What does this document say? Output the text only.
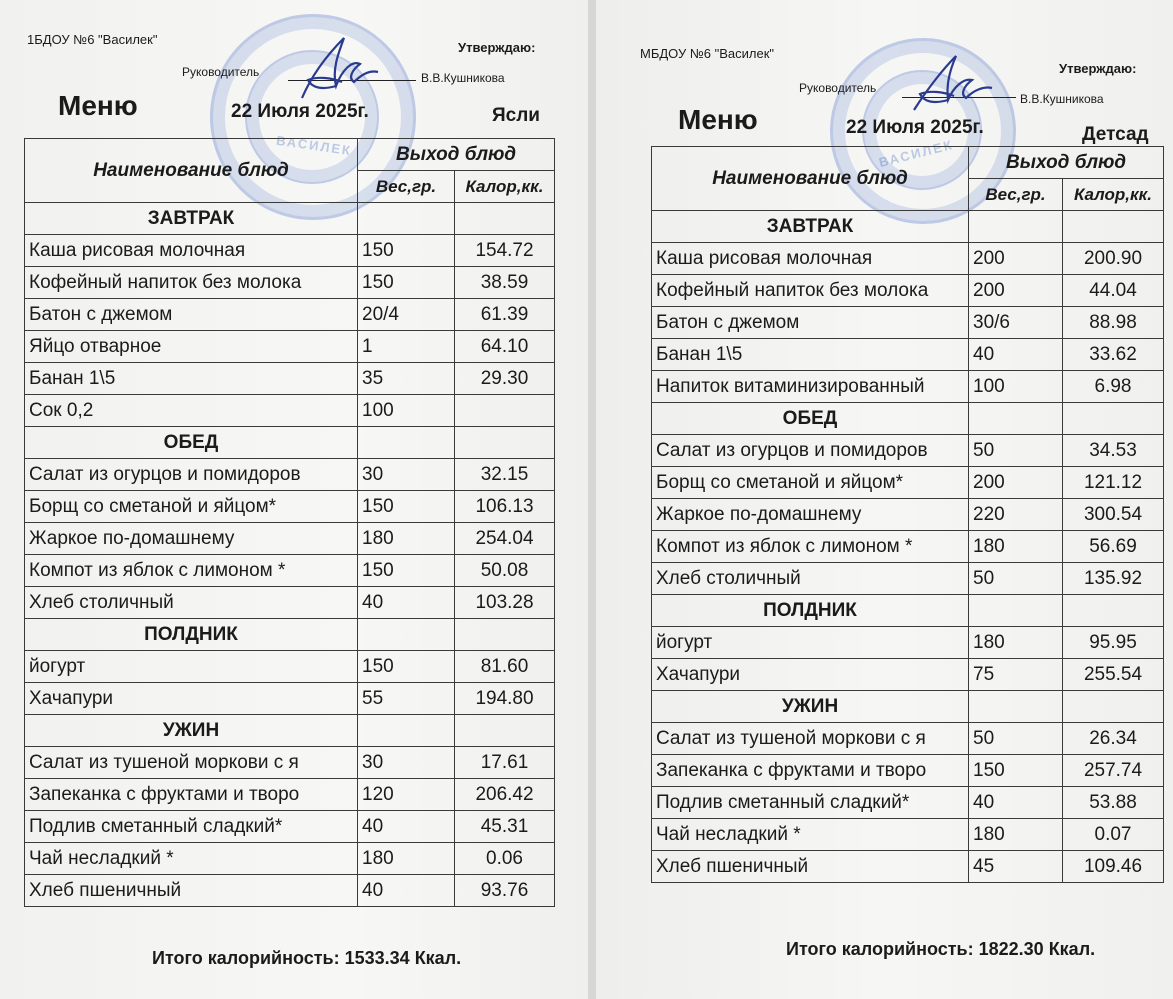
ВАСИЛЕК
1БДОУ №6 "Василек"
Утверждаю:
Руководитель	В.В.Кушникова
Меню	22 Июля 2025г.	Ясли
Наименование блюд	Выход блюд	
	Вес,гр.	Калор,кк.
ЗАВТРАК		
Каша рисовая молочная	150	154.72
Кофейный напиток без молока	150	38.59
Батон с джемом	20/4	61.39
Яйцо отварное	1	64.10
Банан 1\5	35	29.30
Сок 0,2	100	
ОБЕД		
Салат из огурцов и помидоров	30	32.15
Борщ со сметаной и яйцом*	150	106.13
Жаркое по-домашнему	180	254.04
Компот из яблок с лимоном *	150	50.08
Хлеб столичный	40	103.28
ПОЛДНИК		
йогурт	150	81.60
Хачапури	55	194.80
УЖИН		
Салат из тушеной моркови с я	30	17.61
Запеканка с фруктами и творо	120	206.42
Подлив сметанный сладкий*	40	45.31
Чай несладкий *	180	0.06
Хлеб пшеничный	40	93.76
Итого калорийность: 1533.34 Ккал.
ВАСИЛЕК
МБДОУ №6 "Василек"
Утверждаю:
Руководитель
В.В.Кушникова
Меню	22 Июля 2025г.	Детсад
Наименование блюд	Выход блюд	
	Вес,гр.	Калор,кк.
ЗАВТРАК		
Каша рисовая молочная	200	200.90
Кофейный напиток без молока	200	44.04
Батон с джемом	30/6	88.98
Банан 1\5	40	33.62
Напиток витаминизированный	100	6.98
ОБЕД		
Салат из огурцов и помидоров	50	34.53
Борщ со сметаной и яйцом*	200	121.12
Жаркое по-домашнему	220	300.54
Компот из яблок с лимоном *	180	56.69
Хлеб столичный	50	135.92
ПОЛДНИК		
йогурт	180	95.95
Хачапури	75	255.54
УЖИН		
Салат из тушеной моркови с я	50	26.34
Запеканка с фруктами и творо	150	257.74
Подлив сметанный сладкий*	40	53.88
Чай несладкий *	180	0.07
Хлеб пшеничный	45	109.46
Итого калорийность: 1822.30 Ккал.
